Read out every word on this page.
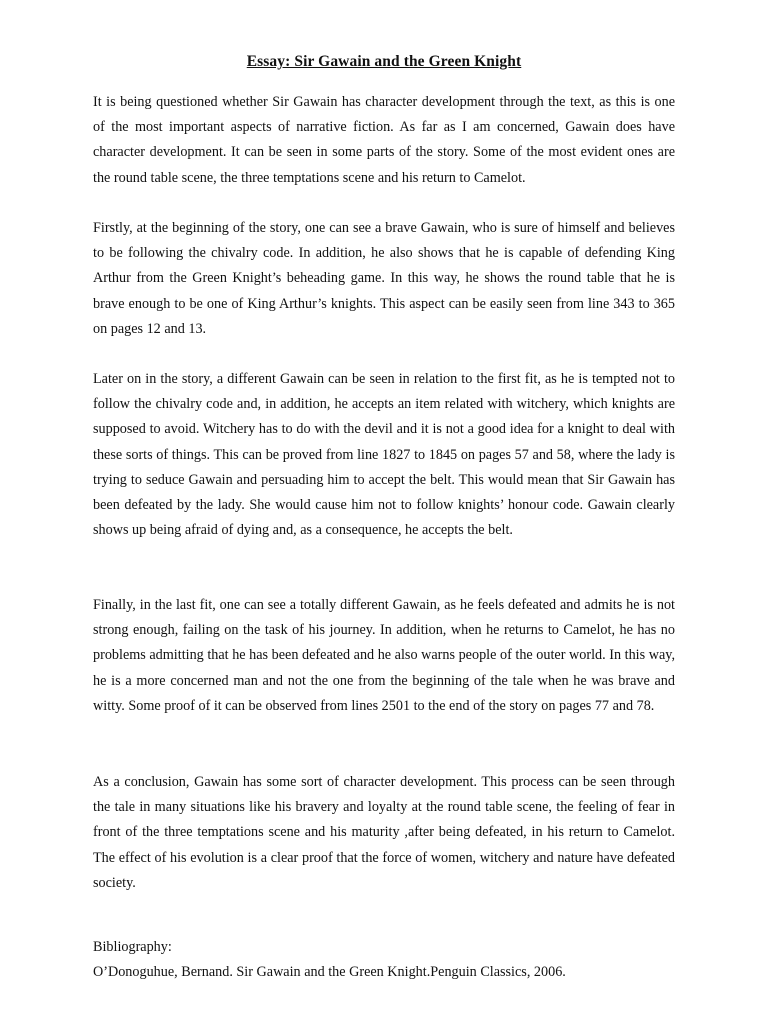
Essay: Sir Gawain and the Green Knight

It is being questioned whether Sir Gawain has character development through the text, as this is one of the most important aspects of narrative fiction. As far as I am concerned, Gawain does have character development. It can be seen in some parts of the story. Some of the most evident ones are the round table scene, the three temptations scene and his return to Camelot.

Firstly, at the beginning of the story, one can see a brave Gawain, who is sure of himself and believes to be following the chivalry code. In addition, he also shows that he is capable of defending King Arthur from the Green Knight’s beheading game. In this way, he shows the round table that he is brave enough to be one of King Arthur’s knights. This aspect can be easily seen from line 343 to 365 on pages 12 and 13.

Later on in the story, a different Gawain can be seen in relation to the first fit, as he is tempted not to follow the chivalry code and, in addition, he accepts an item related with witchery, which knights are supposed to avoid. Witchery has to do with the devil and it is not a good idea for a knight to deal with these sorts of things. This can be proved from line 1827 to 1845 on pages 57 and 58, where the lady is trying to seduce Gawain and persuading him to accept the belt. This would mean that Sir Gawain has been defeated by the lady. She would cause him not to follow knights’ honour code. Gawain clearly shows up being afraid of dying and, as a consequence, he accepts the belt.

Finally, in the last fit, one can see a totally different Gawain, as he feels defeated and admits he is not strong enough, failing on the task of his journey. In addition, when he returns to Camelot, he has no problems admitting that he has been defeated and he also warns people of the outer world. In this way, he is a more concerned man and not the one from the beginning of the tale when he was brave and witty. Some proof of it can be observed from lines 2501 to the end of the story on pages 77 and 78.

As a conclusion, Gawain has some sort of character development. This process can be seen through the tale in many situations like his bravery and loyalty at the round table scene, the feeling of fear in front of the three temptations scene and his maturity ,after being defeated, in his return to Camelot. The effect of his evolution is a clear proof that the force of women, witchery and nature have defeated society.

Bibliography:
O’Donoguhue, Bernand. Sir Gawain and the Green Knight.Penguin Classics, 2006.
